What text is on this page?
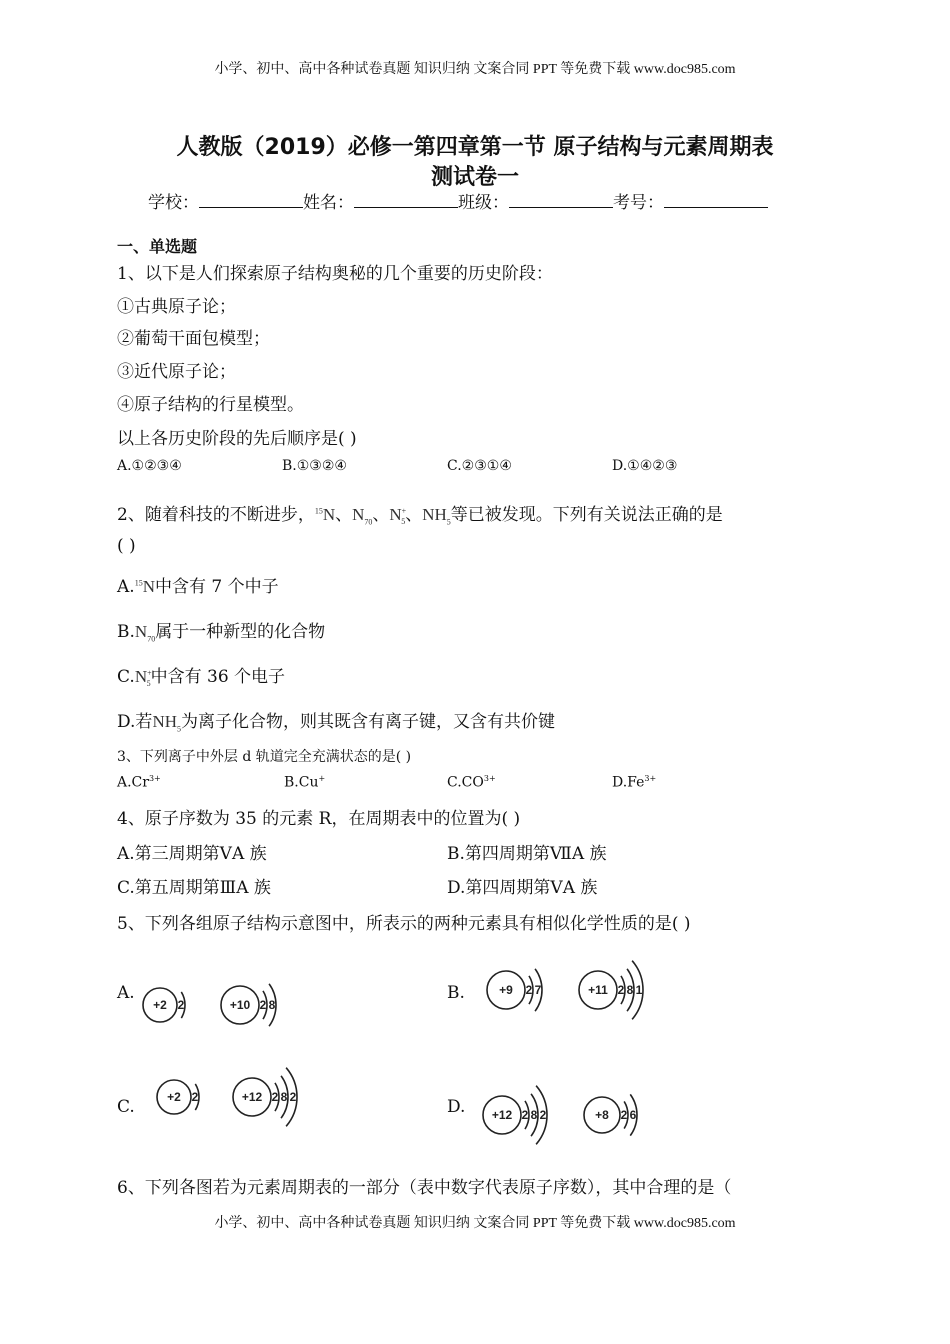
小学、初中、高中各种试卷真题 知识归纳 文案合同 PPT 等免费下载 www.doc985.com
小学、初中、高中各种试卷真题 知识归纳 文案合同 PPT 等免费下载 www.doc985.com
人教版（2019）必修一第四章第一节 原子结构与元素周期表
测试卷一
学校：	姓名：	班级：	考号：
一、单选题
1、以下是人们探索原子结构奥秘的几个重要的历史阶段：
①古典原子论；
②葡萄干面包模型；
③近代原子论；
④原子结构的行星模型。
以上各历史阶段的先后顺序是( )
A.①②③④	B.①③②④	C.②③①④	D.①④②③
2、随着科技的不断进步，$^{15}$N、$N_{70}$、$N^+_5$、$NH_5$等已被发现。下列有关说法正确的是
( )
A.$^{15}$N中含有 7 个中子
$B.N_{70}$属于一种新型的化合物
$C.N^+_5$中含有 36 个电子
D.若$NH_5$为离子化合物，则其既含有离子键，又含有共价键
3、下列离子中外层 d 轨道完全充满状态的是( )
$A.Cr^{3+}$	B.Cu+	$C.CO^{3+}$	$D.Fe^{3+}$
4、原子序数为 35 的元素 R，在周期表中的位置为( )
A.第三周期第ⅤA 族	B.第四周期第ⅦA 族
C.第五周期第ⅢA 族	D.第四周期第ⅤA 族
5、下列各组原子结构示意图中，所表示的两种元素具有相似化学性质的是( )
A.	B.
C.	D.
+2 2	+10 2 8
+9 2 7	+11 2 8 1
+2 2	+12 2 8 2
+12 2 8 2	+8 2 6
6、下列各图若为元素周期表的一部分（表中数字代表原子序数），其中合理的是（
